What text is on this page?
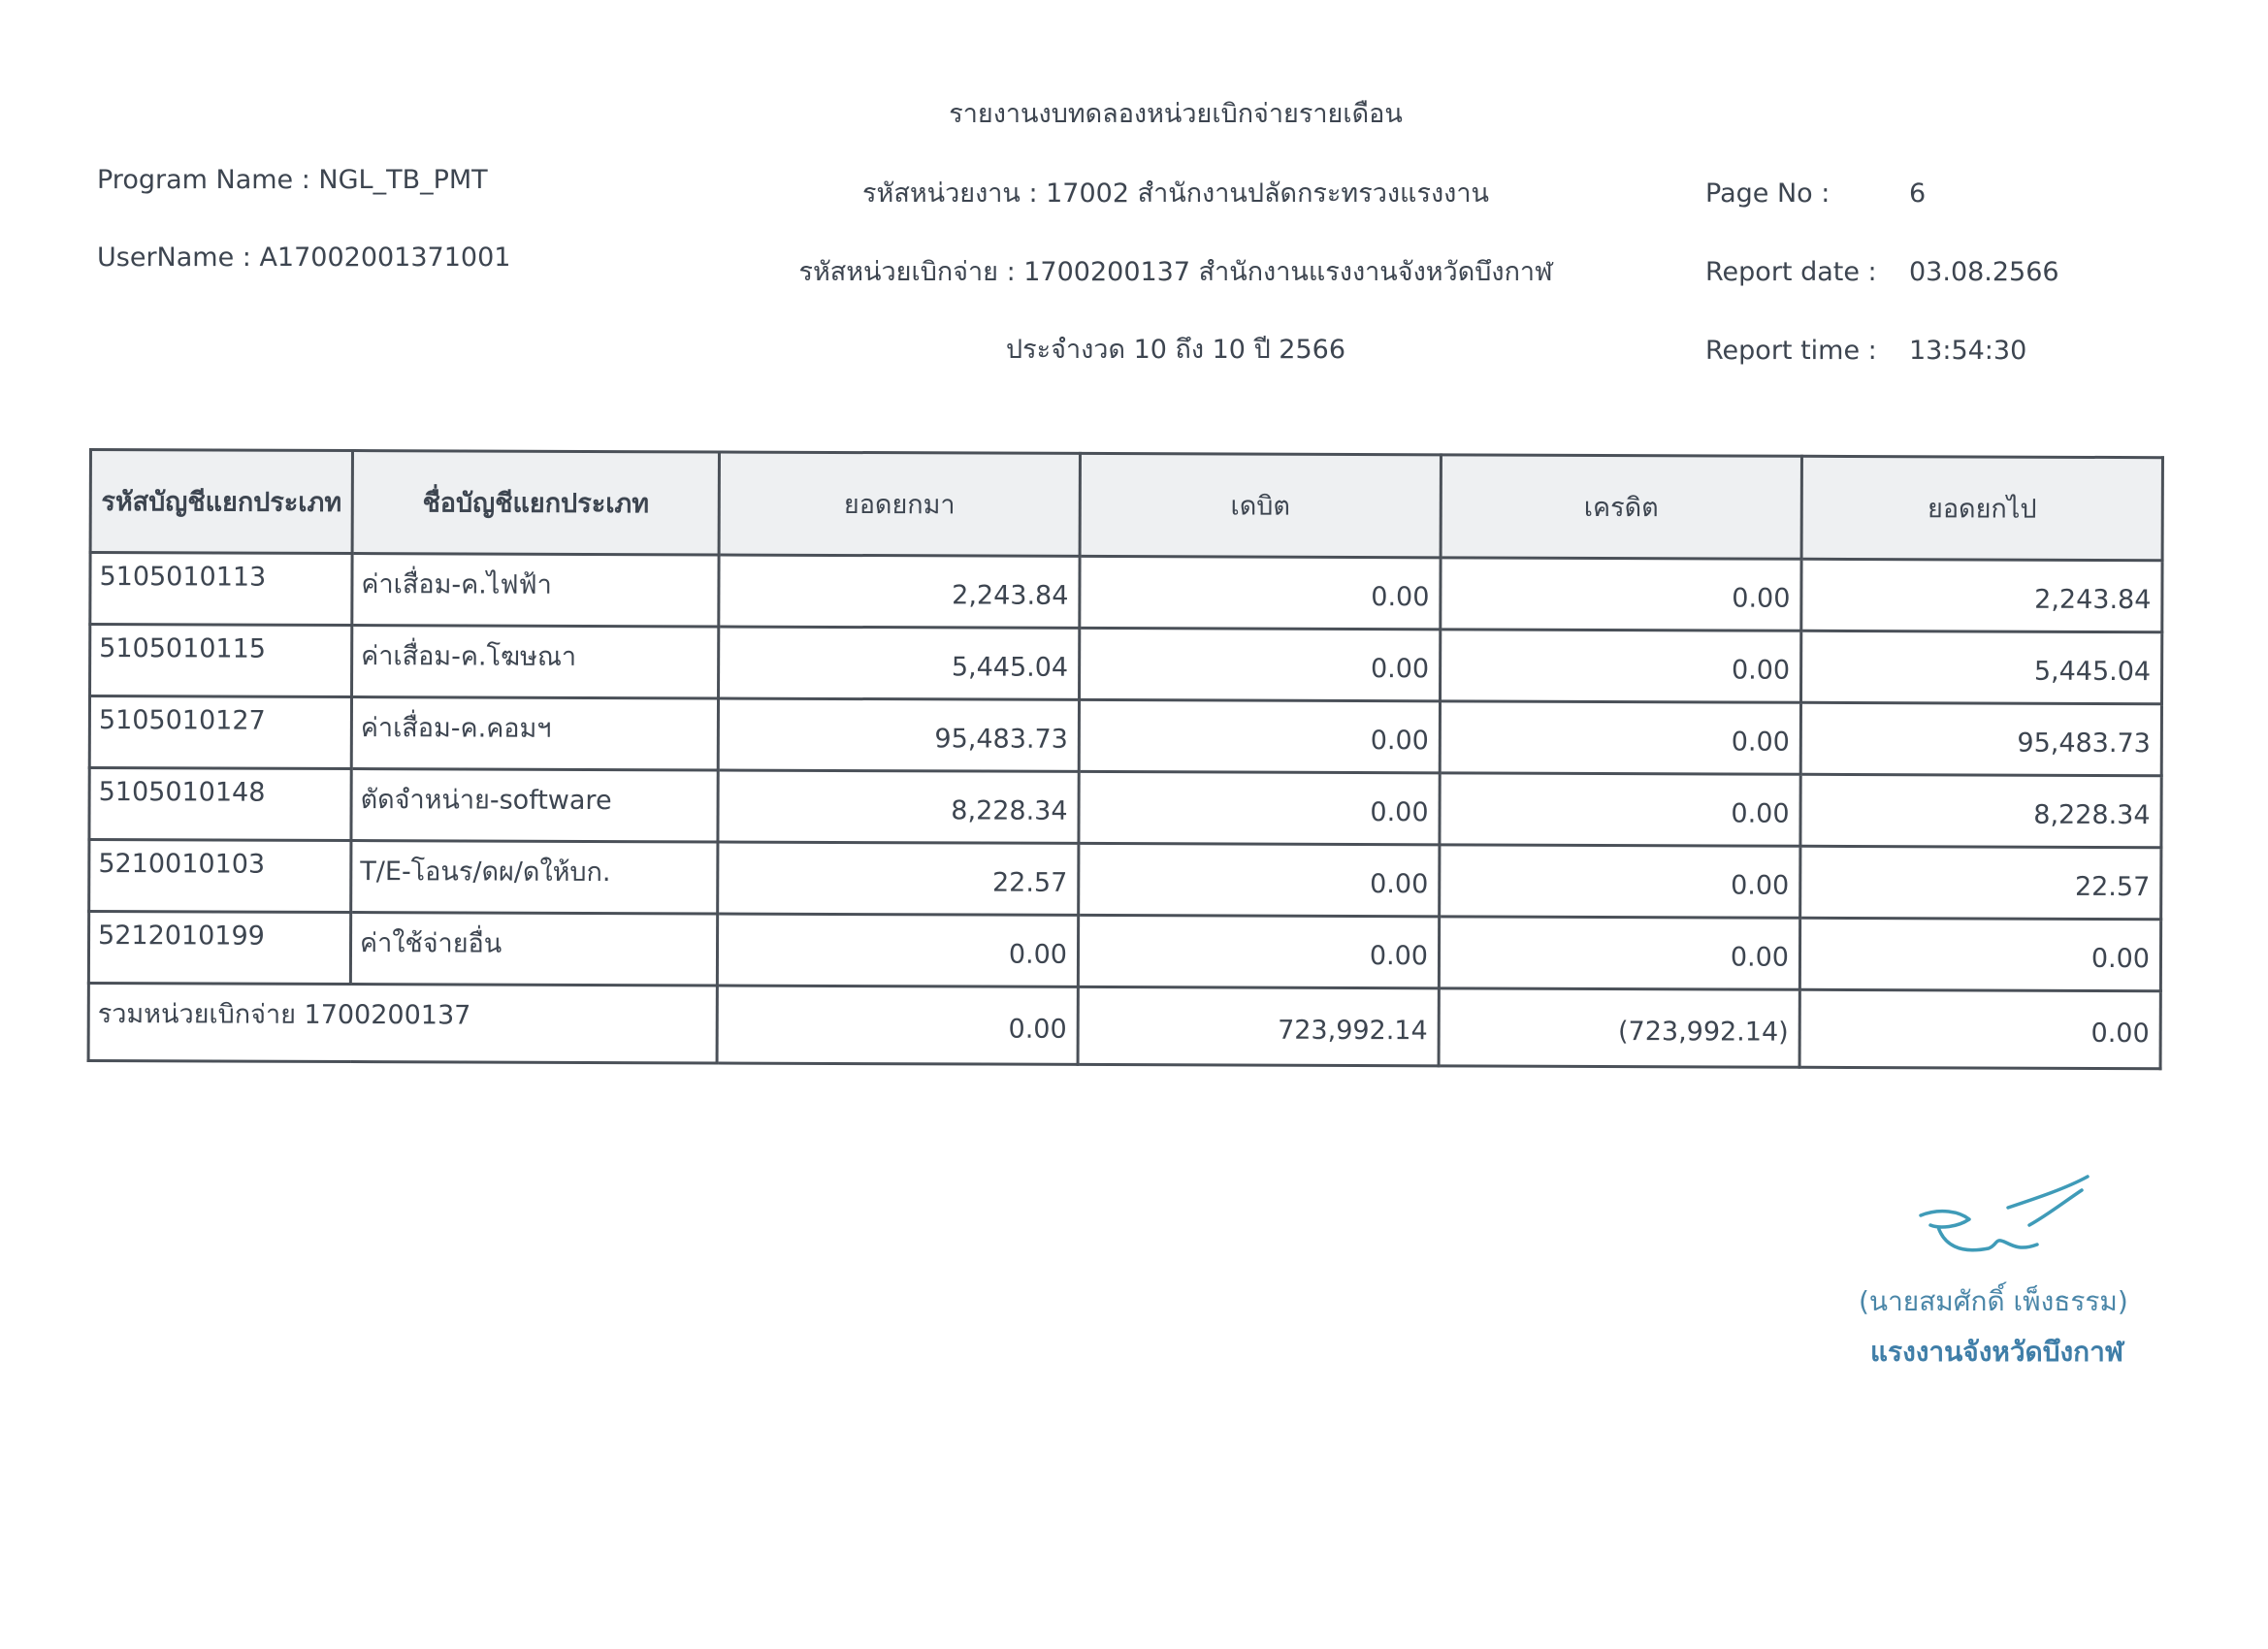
รายงานงบทดลองหน่วยเบิกจ่ายรายเดือน
รหัสหน่วยงาน : 17002 สำนักงานปลัดกระทรวงแรงงาน
รหัสหน่วยเบิกจ่าย : 1700200137 สำนักงานแรงงานจังหวัดบึงกาฬ
ประจำงวด 10 ถึง 10 ปี 2566
Program Name : NGL_TB_PMT
UserName : A17002001371001
Page No :	6
Report date : 03.08.2566
Report time : 13:54:30
รหัสบัญชีแยกประเภท	ชื่อบัญชีแยกประเภท	ยอดยกมา	เดบิต	เครดิต	ยอดยกไป
5105010113	ค่าเสื่อม-ค.ไฟฟ้า	2,243.84	0.00	0.00	2,243.84
5105010115	ค่าเสื่อม-ค.โฆษณา	5,445.04	0.00	0.00	5,445.04
5105010127	ค่าเสื่อม-ค.คอมฯ	95,483.73	0.00	0.00	95,483.73
5105010148	ตัดจำหน่าย-software	8,228.34	0.00	0.00	8,228.34
5210010103	T/E-โอนร/ดผ/ดให้บก.	22.57	0.00	0.00	22.57
5212010199	ค่าใช้จ่ายอื่น	0.00	0.00	0.00	0.00
รวมหน่วยเบิกจ่าย 1700200137		0.00	723,992.14	(723,992.14)	0.00
(นายสมศักดิ์ เพ็งธรรม)
แรงงานจังหวัดบึงกาฬ
